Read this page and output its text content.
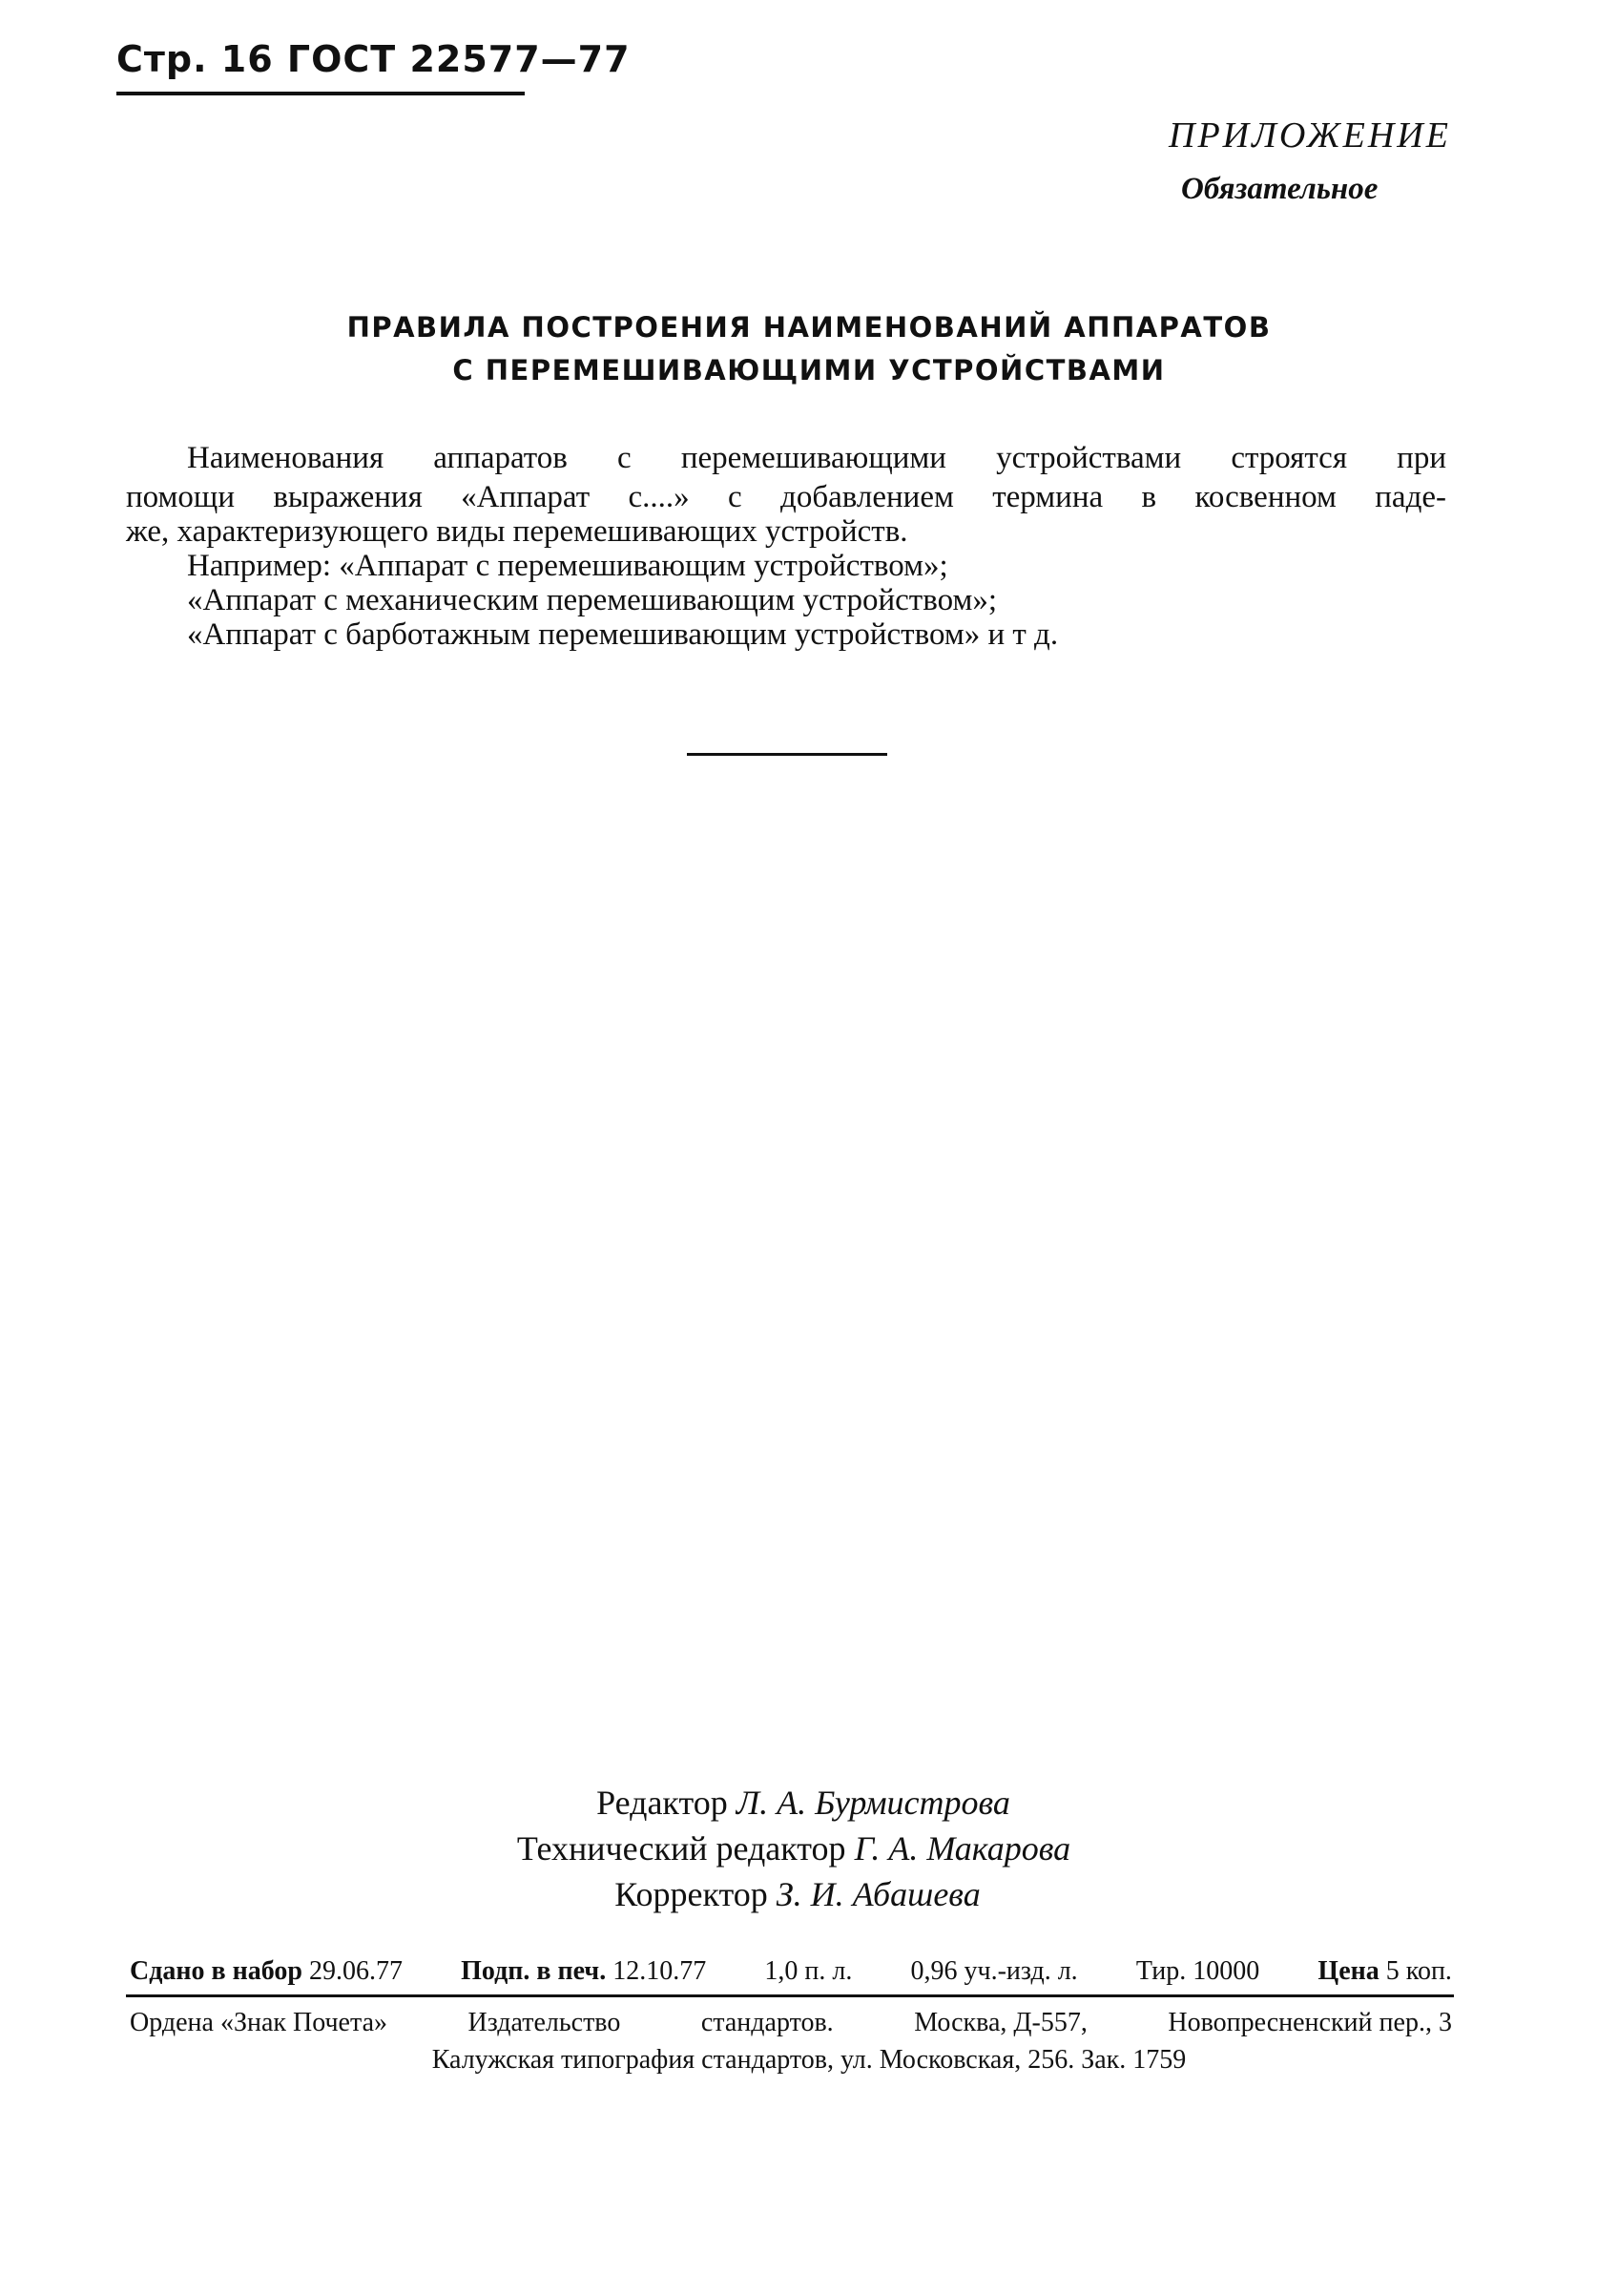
Стр. 16 ГОСТ 22577—77
ПРИЛОЖЕНИЕ
Обязательное
ПРАВИЛА ПОСТРОЕНИЯ НАИМЕНОВАНИЙ АППАРАТОВ
С ПЕРЕМЕШИВАЮЩИМИ УСТРОЙСТВАМИ
Наименования аппаратов с перемешивающими устройствами строятся при
помощи выражения «Аппарат с....» с добавлением термина в косвенном паде-
же, характеризующего виды перемешивающих устройств.
Например: «Аппарат с перемешивающим устройством»;
«Аппарат с механическим перемешивающим устройством»;
«Аппарат с барботажным перемешивающим устройством» и т д.
Редактор Л. А. Бурмистрова
Технический редактор Г. А. Макарова
Корректор З. И. Абашева
Сдано в набор 29.06.77 Подп. в печ. 12.10.77 1,0 п. л. 0,96 уч.-изд. л. Тир. 10000 Цена 5 коп.
Ордена «Знак Почета»	Издательство	стандартов.	Москва, Д-557,	Новопресненский пер., 3
Калужская типография стандартов, ул. Московская, 256. Зак. 1759
